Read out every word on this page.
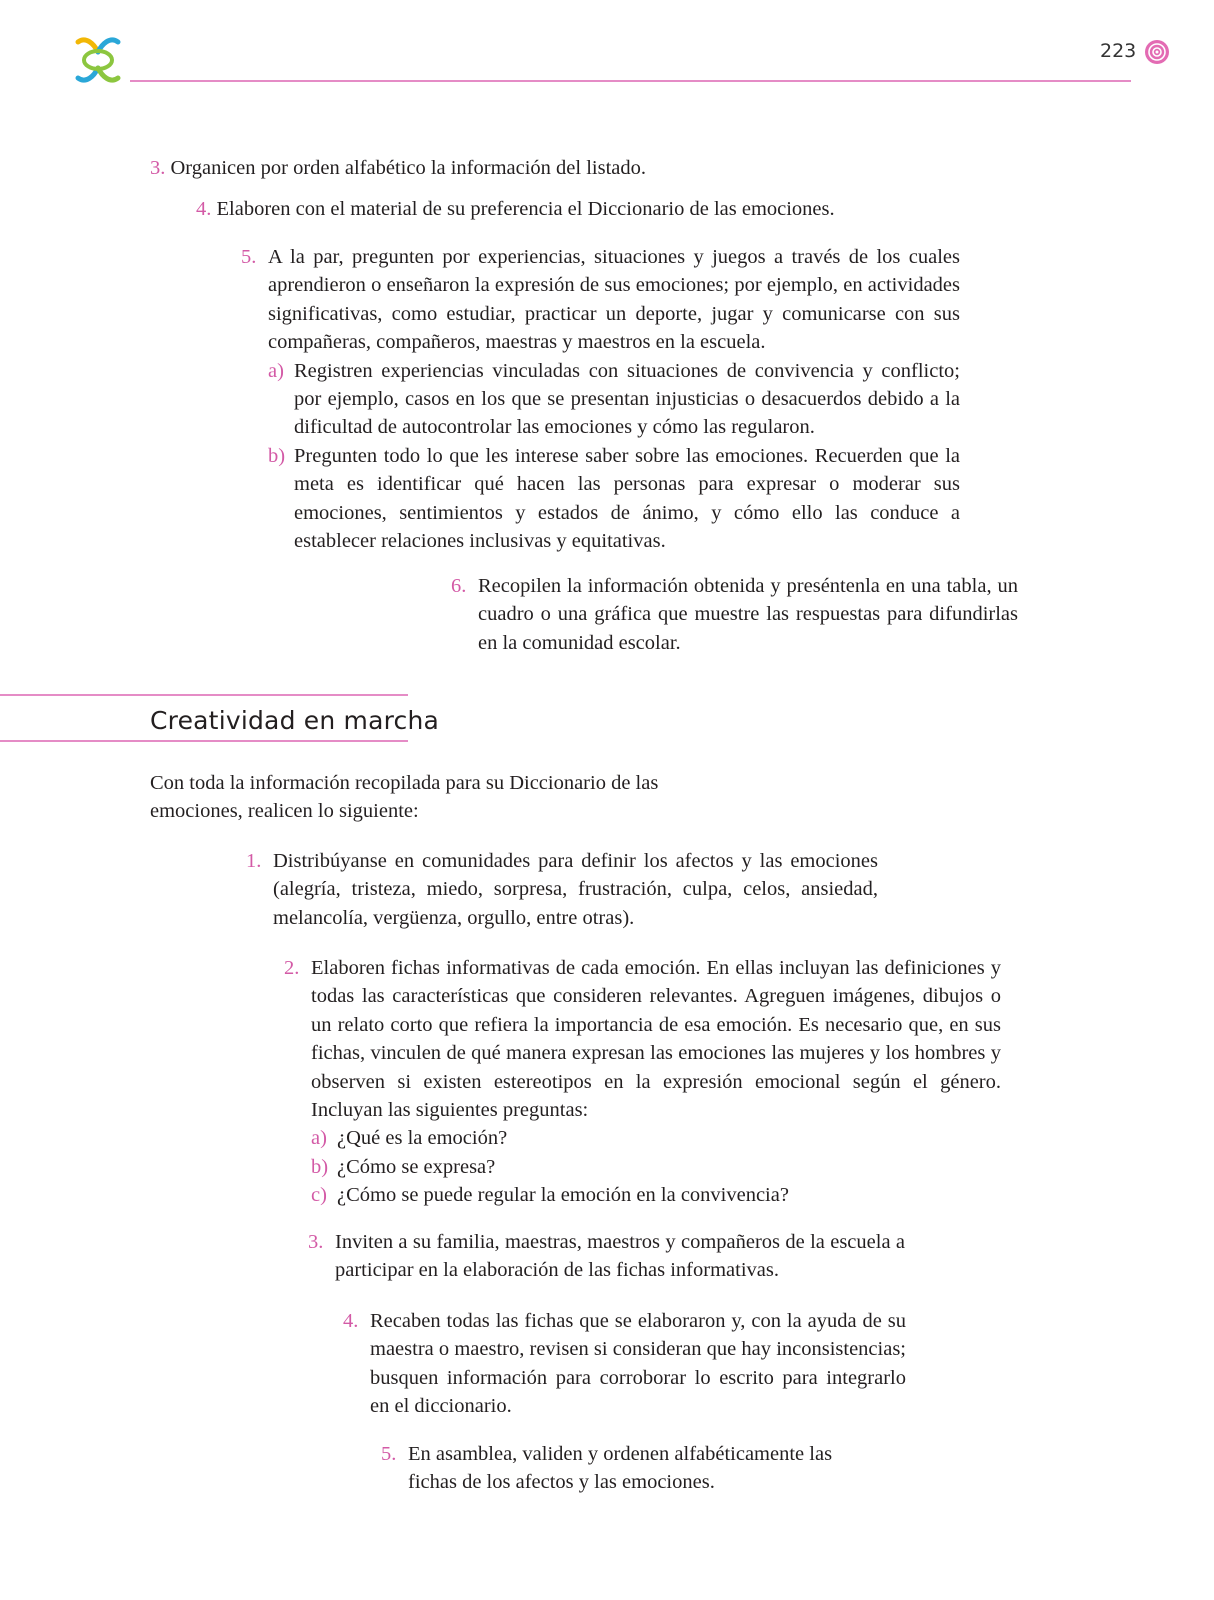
223
3. Organicen por orden alfabético la información del listado.
4. Elaboren con el material de su preferencia el Diccionario de las emociones.
5. A la par, pregunten por experiencias, situaciones y juegos a través de los cuales aprendieron o enseñaron la expresión de sus emociones; por ejemplo, en actividades significativas, como estudiar, practicar un deporte, jugar y comunicarse con sus compañeras, compañeros, maestras y maestros en la escuela.
a) Registren experiencias vinculadas con situaciones de convivencia y conflicto; por ejemplo, casos en los que se presentan injusticias o desacuerdos debido a la dificultad de autocontrolar las emociones y cómo las regularon.
b) Pregunten todo lo que les interese saber sobre las emociones. Recuerden que la meta es identificar qué hacen las personas para expresar o moderar sus emociones, sentimientos y estados de ánimo, y cómo ello las conduce a establecer relaciones inclusivas y equitativas.
6. Recopilen la información obtenida y preséntenla en una tabla, un cuadro o una gráfica que muestre las respuestas para difundirlas en la comunidad escolar.
Creatividad en marcha
Con toda la información recopilada para su Diccionario de las emociones, realicen lo siguiente:
1. Distribúyanse en comunidades para definir los afectos y las emociones (alegría, tristeza, miedo, sorpresa, frustración, culpa, celos, ansiedad, melancolía, vergüenza, orgullo, entre otras).
2. Elaboren fichas informativas de cada emoción. En ellas incluyan las definiciones y todas las características que consideren relevantes. Agreguen imágenes, dibujos o un relato corto que refiera la importancia de esa emoción. Es necesario que, en sus fichas, vinculen de qué manera expresan las emociones las mujeres y los hombres y observen si existen estereotipos en la expresión emocional según el género. Incluyan las siguientes preguntas:
a) ¿Qué es la emoción?
b) ¿Cómo se expresa?
c) ¿Cómo se puede regular la emoción en la convivencia?
3. Inviten a su familia, maestras, maestros y compañeros de la escuela a participar en la elaboración de las fichas informativas.
4. Recaben todas las fichas que se elaboraron y, con la ayuda de su maestra o maestro, revisen si consideran que hay inconsistencias; busquen información para corroborar lo escrito para integrarlo en el diccionario.
5. En asamblea, validen y ordenen alfabéticamente las fichas de los afectos y las emociones.
